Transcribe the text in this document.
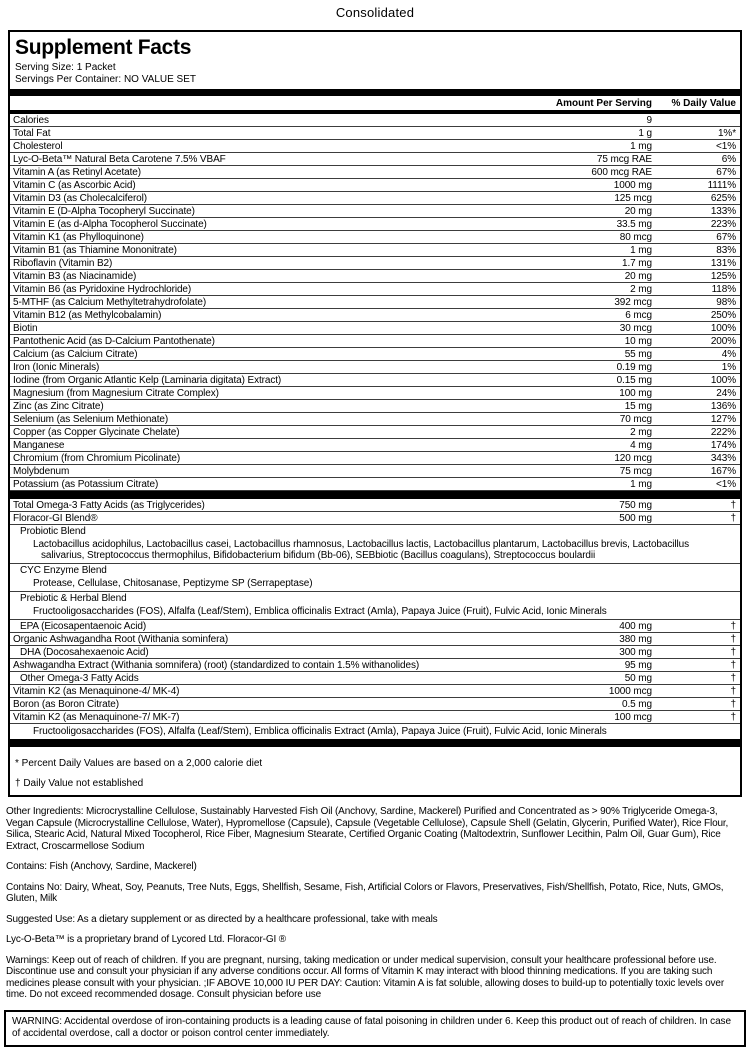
Consolidated
Supplement Facts
Serving Size: 1 Packet
Servings Per Container: NO VALUE SET
Amount Per Serving	% Daily Value
Calories	9
Total Fat	1 g	1%*
Cholesterol	1 mg	<1%
Lyc-O-Beta™ Natural Beta Carotene 7.5% VBAF	75 mcg RAE	6%
Vitamin A (as Retinyl Acetate)	600 mcg RAE	67%
Vitamin C (as Ascorbic Acid)	1000 mg	1111%
Vitamin D3 (as Cholecalciferol)	125 mcg	625%
Vitamin E (D-Alpha Tocopheryl Succinate)	20 mg	133%
Vitamin E (as d-Alpha Tocopherol Succinate)	33.5 mg	223%
Vitamin K1 (as Phylloquinone)	80 mcg	67%
Vitamin B1 (as Thiamine Mononitrate)	1 mg	83%
Riboflavin (Vitamin B2)	1.7 mg	131%
Vitamin B3 (as Niacinamide)	20 mg	125%
Vitamin B6 (as Pyridoxine Hydrochloride)	2 mg	118%
5-MTHF (as Calcium Methyltetrahydrofolate)	392 mcg	98%
Vitamin B12 (as Methylcobalamin)	6 mcg	250%
Biotin	30 mcg	100%
Pantothenic Acid (as D-Calcium Pantothenate)	10 mg	200%
Calcium (as Calcium Citrate)	55 mg	4%
Iron (Ionic Minerals)	0.19 mg	1%
Iodine (from Organic Atlantic Kelp (Laminaria digitata) Extract)	0.15 mg	100%
Magnesium (from Magnesium Citrate Complex)	100 mg	24%
Zinc (as Zinc Citrate)	15 mg	136%
Selenium (as Selenium Methionate)	70 mcg	127%
Copper (as Copper Glycinate Chelate)	2 mg	222%
Manganese	4 mg	174%
Chromium (from Chromium Picolinate)	120 mcg	343%
Molybdenum	75 mcg	167%
Potassium (as Potassium Citrate)	1 mg	<1%
Total Omega-3 Fatty Acids (as Triglycerides)	750 mg	†
Floracor-GI Blend®	500 mg	†
Probiotic Blend
Lactobacillus acidophilus, Lactobacillus casei, Lactobacillus rhamnosus, Lactobacillus lactis, Lactobacillus plantarum, Lactobacillus brevis, Lactobacillus salivarius, Streptococcus thermophilus, Bifidobacterium bifidum (Bb-06), SEBbiotic (Bacillus coagulans), Streptococcus boulardii
CYC Enzyme Blend
Protease, Cellulase, Chitosanase, Peptizyme SP (Serrapeptase)
Prebiotic & Herbal Blend
Fructooligosaccharides (FOS), Alfalfa (Leaf/Stem), Emblica officinalis Extract (Amla), Papaya Juice (Fruit), Fulvic Acid, Ionic Minerals
EPA (Eicosapentaenoic Acid)	400 mg	†
Organic Ashwagandha Root (Withania sominfera)	380 mg	†
DHA (Docosahexaenoic Acid)	300 mg	†
Ashwagandha Extract (Withania somnifera) (root) (standardized to contain 1.5% withanolides)	95 mg	†
Other Omega-3 Fatty Acids	50 mg	†
Vitamin K2 (as Menaquinone-4/ MK-4)	1000 mcg	†
Boron (as Boron Citrate)	0.5 mg	†
Vitamin K2 (as Menaquinone-7/ MK-7)	100 mcg	†
Fructooligosaccharides (FOS), Alfalfa (Leaf/Stem), Emblica officinalis Extract (Amla), Papaya Juice (Fruit), Fulvic Acid, Ionic Minerals
* Percent Daily Values are based on a 2,000 calorie diet
† Daily Value not established

Other Ingredients: Microcrystalline Cellulose, Sustainably Harvested Fish Oil (Anchovy, Sardine, Mackerel) Purified and Concentrated as > 90% Triglyceride Omega-3, Vegan Capsule (Microcrystalline Cellulose, Water), Hypromellose (Capsule), Capsule (Vegetable Cellulose), Capsule Shell (Gelatin, Glycerin, Purified Water), Rice Flour, Silica, Stearic Acid, Natural Mixed Tocopherol, Rice Fiber, Magnesium Stearate, Certified Organic Coating (Maltodextrin, Sunflower Lecithin, Palm Oil, Guar Gum), Rice Extract, Croscarmellose Sodium

Contains: Fish (Anchovy, Sardine, Mackerel)

Contains No: Dairy, Wheat, Soy, Peanuts, Tree Nuts, Eggs, Shellfish, Sesame, Fish, Artificial Colors or Flavors, Preservatives, Fish/Shellfish, Potato, Rice, Nuts, GMOs, Gluten, Milk

Suggested Use: As a dietary supplement or as directed by a healthcare professional, take with meals

Lyc-O-Beta™ is a proprietary brand of Lycored Ltd. Floracor-GI ®

Warnings: Keep out of reach of children. If you are pregnant, nursing, taking medication or under medical supervision, consult your healthcare professional before use. Discontinue use and consult your physician if any adverse conditions occur. All forms of Vitamin K may interact with blood thinning medications. If you are taking such medicines please consult with your physician. ;IF ABOVE 10,000 IU PER DAY: Caution: Vitamin A is fat soluble, allowing doses to build-up to potentially toxic levels over time. Do not exceed recommended dosage. Consult physician before use

WARNING: Accidental overdose of iron-containing products is a leading cause of fatal poisoning in children under 6. Keep this product out of reach of children. In case of accidental overdose, call a doctor or poison control center immediately.
